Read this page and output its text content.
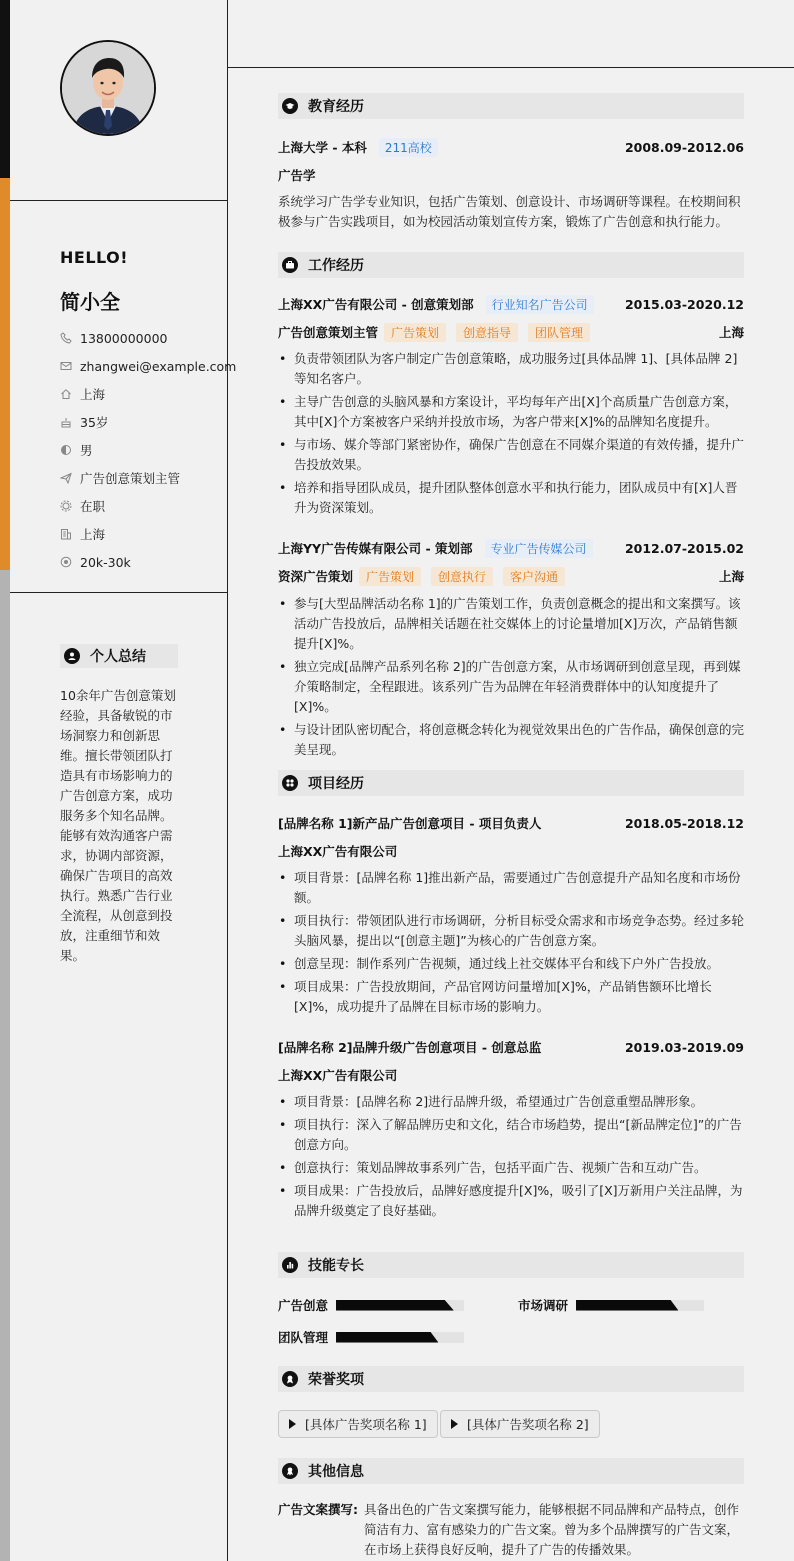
HELLO!
简小全
13800000000
zhangwei@example.com
上海
35岁
男
广告创意策划主管
在职
上海
20k-30k
个人总结
10余年广告创意策划经验，具备敏锐的市场洞察力和创新思维。擅长带领团队打造具有市场影响力的广告创意方案，成功服务多个知名品牌。能够有效沟通客户需求，协调内部资源，确保广告项目的高效执行。熟悉广告行业全流程，从创意到投放，注重细节和效果。
教育经历
上海大学 - 本科	211高校	2008.09-2012.06
广告学
系统学习广告学专业知识，包括广告策划、创意设计、市场调研等课程。在校期间积极参与广告实践项目，如为校园活动策划宣传方案，锻炼了广告创意和执行能力。
工作经历
上海XX广告有限公司 - 创意策划部	行业知名广告公司	2015.03-2020.12
广告创意策划主管	广告策划	创意指导	团队管理	上海
• 负责带领团队为客户制定广告创意策略，成功服务过[具体品牌 1]、[具体品牌 2]等知名客户。
• 主导广告创意的头脑风暴和方案设计，平均每年产出[X]个高质量广告创意方案，其中[X]个方案被客户采纳并投放市场，为客户带来[X]%的品牌知名度提升。
• 与市场、媒介等部门紧密协作，确保广告创意在不同媒介渠道的有效传播，提升广告投放效果。
• 培养和指导团队成员，提升团队整体创意水平和执行能力，团队成员中有[X]人晋升为资深策划。
上海YY广告传媒有限公司 - 策划部	专业广告传媒公司	2012.07-2015.02
资深广告策划	广告策划	创意执行	客户沟通	上海
• 参与[大型品牌活动名称 1]的广告策划工作，负责创意概念的提出和文案撰写。该活动广告投放后，品牌相关话题在社交媒体上的讨论量增加[X]万次，产品销售额提升[X]%。
• 独立完成[品牌产品系列名称 2]的广告创意方案，从市场调研到创意呈现，再到媒介策略制定，全程跟进。该系列广告为品牌在年轻消费群体中的认知度提升了[X]%。
• 与设计团队密切配合，将创意概念转化为视觉效果出色的广告作品，确保创意的完美呈现。
项目经历
[品牌名称 1]新产品广告创意项目 - 项目负责人	2018.05-2018.12
上海XX广告有限公司
• 项目背景：[品牌名称 1]推出新产品，需要通过广告创意提升产品知名度和市场份额。
• 项目执行：带领团队进行市场调研，分析目标受众需求和市场竞争态势。经过多轮头脑风暴，提出以“[创意主题]”为核心的广告创意方案。
• 创意呈现：制作系列广告视频，通过线上社交媒体平台和线下户外广告投放。
• 项目成果：广告投放期间，产品官网访问量增加[X]%，产品销售额环比增长[X]%，成功提升了品牌在目标市场的影响力。
[品牌名称 2]品牌升级广告创意项目 - 创意总监	2019.03-2019.09
上海XX广告有限公司
• 项目背景：[品牌名称 2]进行品牌升级，希望通过广告创意重塑品牌形象。
• 项目执行：深入了解品牌历史和文化，结合市场趋势，提出“[新品牌定位]”的广告创意方向。
• 创意执行：策划品牌故事系列广告，包括平面广告、视频广告和互动广告。
• 项目成果：广告投放后，品牌好感度提升[X]%，吸引了[X]万新用户关注品牌，为品牌升级奠定了良好基础。
技能专长
广告创意	市场调研
团队管理
荣誉奖项
[具体广告奖项名称 1]	[具体广告奖项名称 2]
其他信息
广告文案撰写: 具备出色的广告文案撰写能力，能够根据不同品牌和产品特点，创作简洁有力、富有感染力的广告文案。曾为多个品牌撰写的广告文案，在市场上获得良好反响，提升了广告的传播效果。
